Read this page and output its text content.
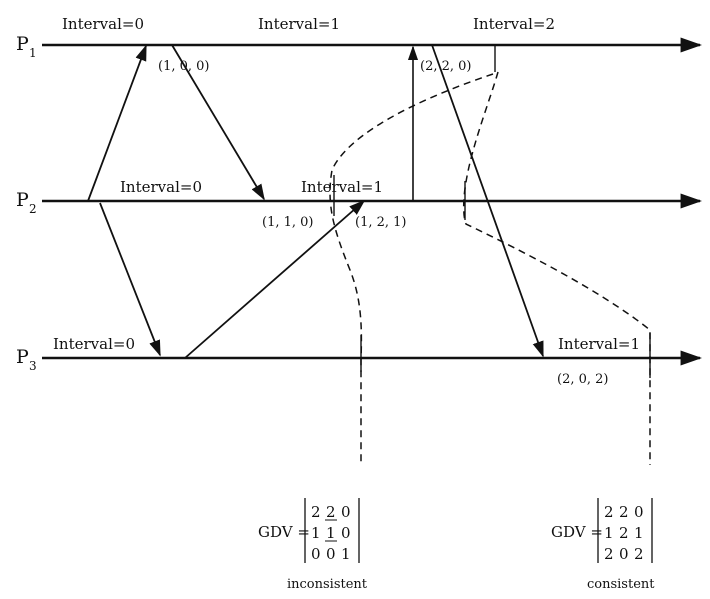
P 1
P 2
P 3
Interval=0	Interval=1	Interval=2
Interval=0	Interval=1
Interval=0	Interval=1
(1, 0, 0)	(2, 2, 0)
(1, 1, 0)	(1, 2, 1)
(2, 0, 2)
GDV =
2 2 0
1 1 0
0 0 1
inconsistent
GDV =
2 2 0
1 2 1
2 0 2
consistent
